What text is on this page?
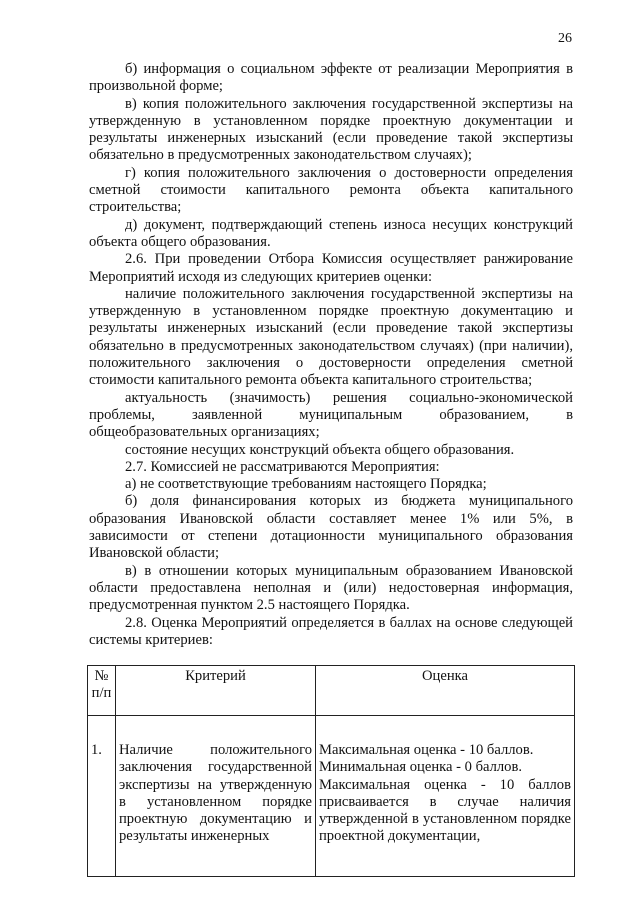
26

б) информация о социальном эффекте от реализации Мероприятия в произвольной форме;

в) копия положительного заключения государственной экспертизы на утвержденную в установленном порядке проектную документации и результаты инженерных изысканий (если проведение такой экспертизы обязательно в предусмотренных законодательством случаях);

г) копия положительного заключения о достоверности определения сметной стоимости капитального ремонта объекта капитального строительства;

д) документ, подтверждающий степень износа несущих конструкций объекта общего образования.

2.6. При проведении Отбора Комиссия осуществляет ранжирование Мероприятий исходя из следующих критериев оценки:

наличие положительного заключения государственной экспертизы на утвержденную в установленном порядке проектную документацию и результаты инженерных изысканий (если проведение такой экспертизы обязательно в предусмотренных законодательством случаях) (при наличии), положительного заключения о достоверности определения сметной стоимости капитального ремонта объекта капитального строительства;

актуальность (значимость) решения социально-экономической проблемы, заявленной муниципальным образованием, в общеобразовательных организациях;

состояние несущих конструкций объекта общего образования.

2.7. Комиссией не рассматриваются Мероприятия:

а) не соответствующие требованиям настоящего Порядка;

б) доля финансирования которых из бюджета муниципального образования Ивановской области составляет менее 1% или 5%, в зависимости от степени дотационности муниципального образования Ивановской области;

в) в отношении которых муниципальным образованием Ивановской области предоставлена неполная и (или) недостоверная информация, предусмотренная пунктом 2.5 настоящего Порядка.

2.8. Оценка Мероприятий определяется в баллах на основе следующей системы критериев:

№ п/п	Критерий	Оценка
1.	Наличие положительного заключения государственной экспертизы на утвержденную в установленном порядке проектную документацию и результаты инженерных	Максимальная оценка - 10 баллов.
Минимальная оценка - 0 баллов.
Максимальная оценка - 10 баллов присваивается в случае наличия утвержденной в установленном порядке проектной документации,
